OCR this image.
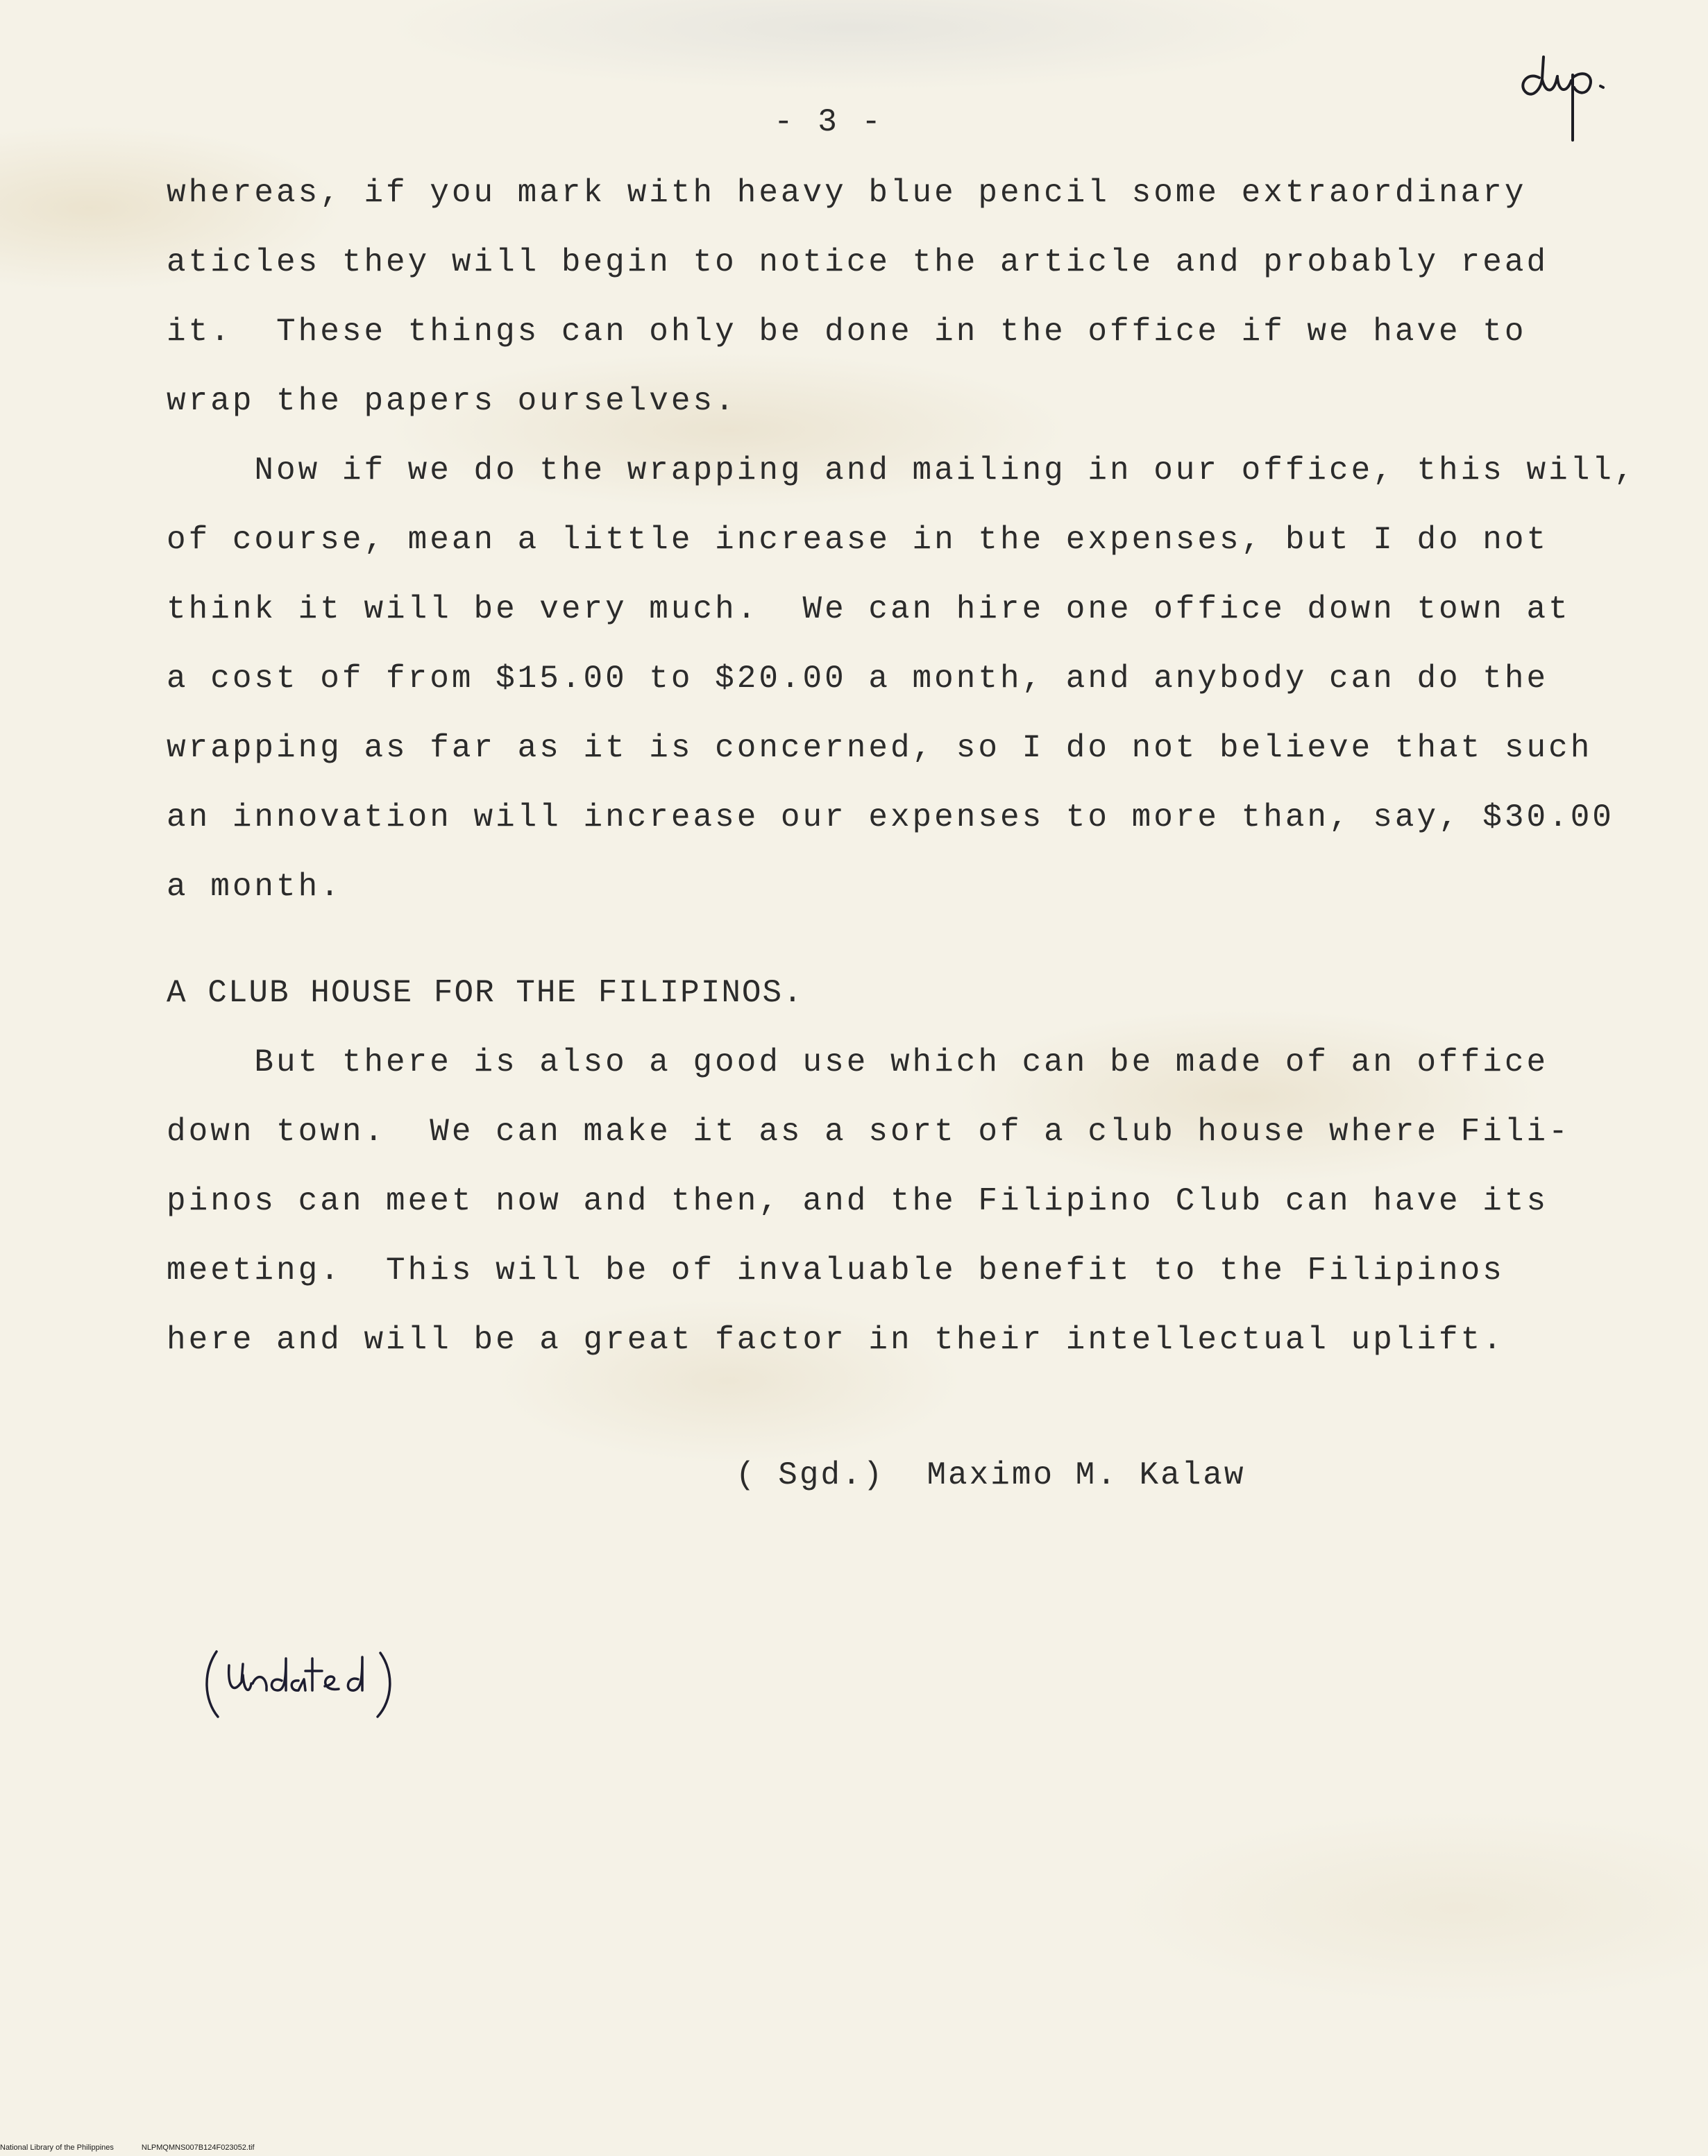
- 3 -
whereas, if you mark with heavy blue pencil some extraordinary
aticles they will begin to notice the article and probably read
it.  These things can ohly be done in the office if we have to
wrap the papers ourselves.
Now if we do the wrapping and mailing in our office, this will,
of course, mean a little increase in the expenses, but I do not
think it will be very much.  We can hire one office down town at
a cost of from $15.00 to $20.00 a month, and anybody can do the
wrapping as far as it is concerned, so I do not believe that such
an innovation will increase our expenses to more than, say, $30.00
a month.
A CLUB HOUSE FOR THE FILIPINOS.
But there is also a good use which can be made of an office
down town.  We can make it as a sort of a club house where Fili-
pinos can meet now and then, and the Filipino Club can have its
meeting.  This will be of invaluable benefit to the Filipinos
here and will be a great factor in their intellectual uplift.
( Sgd.)  Maximo M. Kalaw
National Library of the Philippines	NLPMQMNS007B124F023052.tif
